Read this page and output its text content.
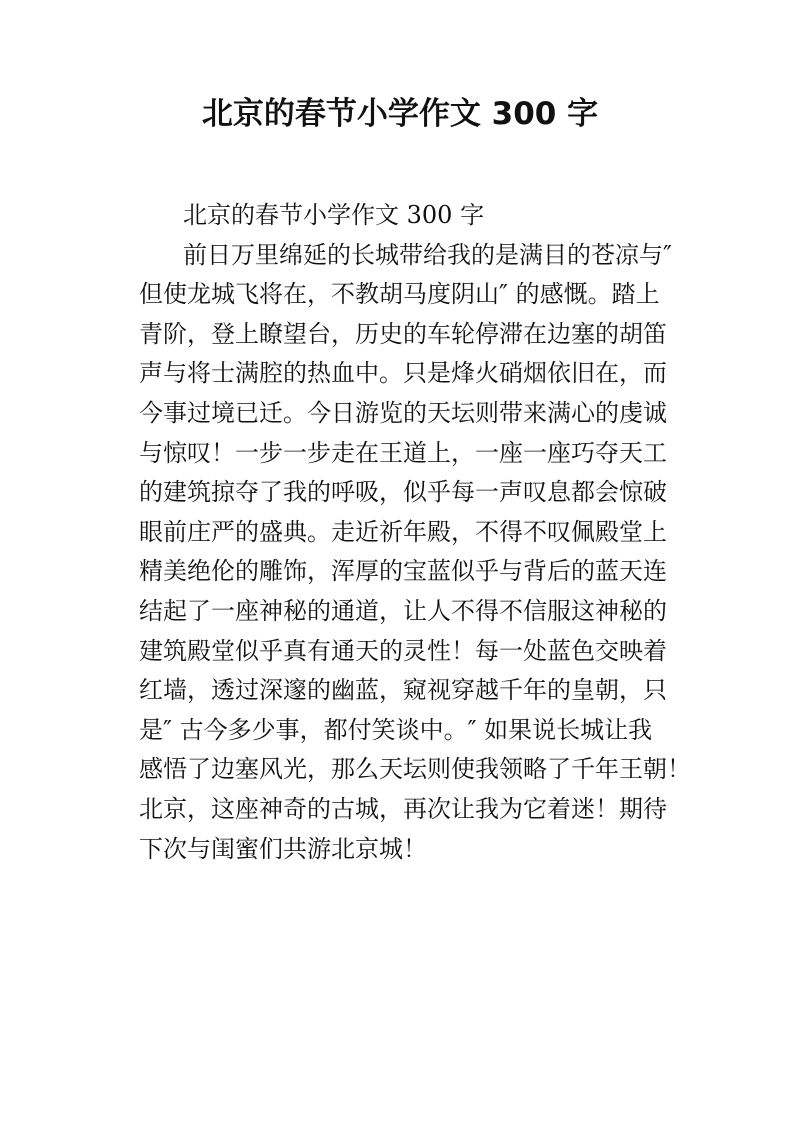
北京的春节小学作文 300 字
北京的春节小学作文 300 字
前日万里绵延的长城带给我的是满目的苍凉与″
但使龙城飞将在，不教胡马度阴山″ 的感慨。踏上
青阶，登上瞭望台，历史的车轮停滞在边塞的胡笛
声与将士满腔的热血中。只是烽火硝烟依旧在，而
今事过境已迁。今日游览的天坛则带来满心的虔诚
与惊叹！一步一步走在王道上，一座一座巧夺天工
的建筑掠夺了我的呼吸，似乎每一声叹息都会惊破
眼前庄严的盛典。走近祈年殿，不得不叹佩殿堂上
精美绝伦的雕饰，浑厚的宝蓝似乎与背后的蓝天连
结起了一座神秘的通道，让人不得不信服这神秘的
建筑殿堂似乎真有通天的灵性！每一处蓝色交映着
红墙，透过深邃的幽蓝，窥视穿越千年的皇朝，只
是″ 古今多少事，都付笑谈中。″ 如果说长城让我
感悟了边塞风光，那么天坛则使我领略了千年王朝！
北京，这座神奇的古城，再次让我为它着迷！期待
下次与闺蜜们共游北京城！
